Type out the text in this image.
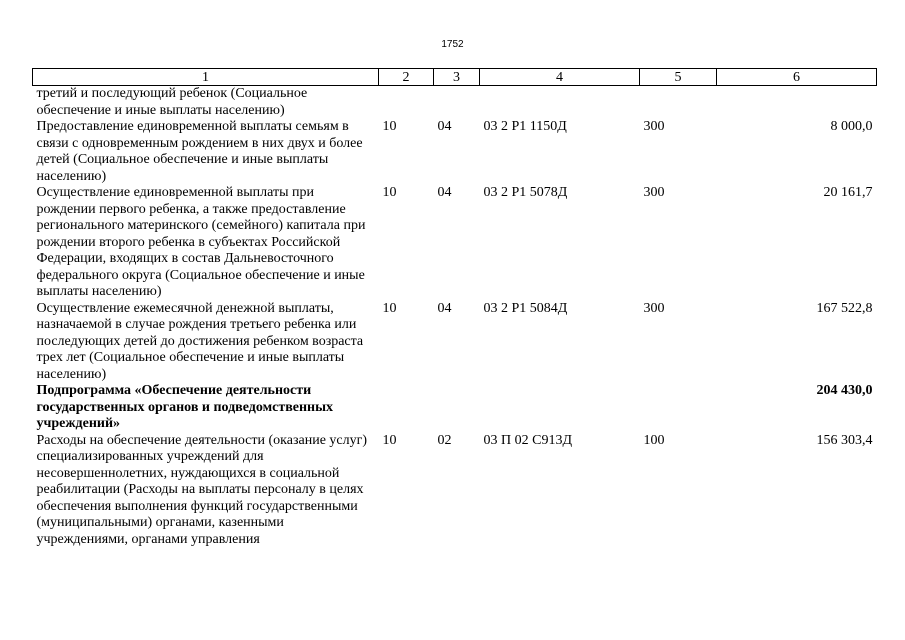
1752
1	2	3	4	5	6
третий и последующий ребенок (Социальное обеспечение и иные выплаты населению)					
Предоставление единовременной выплаты семьям в связи с одновременным рождением в них двух и более детей (Социальное обеспечение и иные выплаты населению)	10	04	03 2 Р1 1150Д	300	8 000,0
Осуществление единовременной выплаты при рождении первого ребенка, а также предоставление регионального материнского (семейного) капитала при рождении второго ребенка в субъектах Российской Федерации, входящих в состав Дальневосточного федерального округа (Социальное обеспечение и иные выплаты населению)	10	04	03 2 Р1 5078Д	300	20 161,7
Осуществление ежемесячной денежной выплаты, назначаемой в случае рождения третьего ребенка или последующих детей до достижения ребенком возраста трех лет (Социальное обеспечение и иные выплаты населению)	10	04	03 2 Р1 5084Д	300	167 522,8
Подпрограмма «Обеспечение деятельности государственных органов и подведомственных учреждений»					204 430,0
Расходы на обеспечение деятельности (оказание услуг) специализированных учреждений для несовершеннолетних, нуждающихся в социальной реабилитации (Расходы на выплаты персоналу в целях обеспечения выполнения функций государственными (муниципальными) органами, казенными учреждениями, органами управления	10	02	03 П 02 С913Д	100	156 303,4
